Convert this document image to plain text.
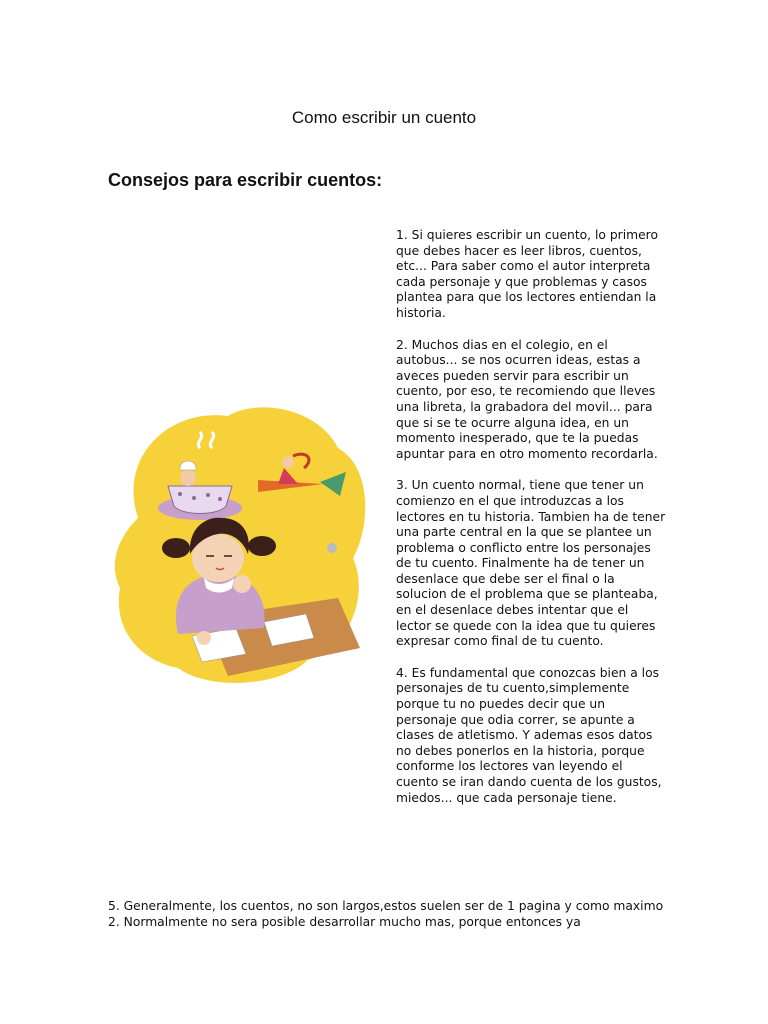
Como escribir un cuento
Consejos para escribir cuentos:

1. Si quieres escribir un cuento, lo primero que debes hacer es leer libros, cuentos, etc... Para saber como el autor interpreta cada personaje y que problemas y casos plantea para que los lectores entiendan la historia.

2. Muchos dias en el colegio, en el autobus... se nos ocurren ideas, estas a aveces pueden servir para escribir un cuento, por eso, te recomiendo que lleves una libreta, la grabadora del movil... para que si se te ocurre alguna idea, en un momento inesperado, que te la puedas apuntar para en otro momento recordarla.

3. Un cuento normal, tiene que tener un comienzo en el que introduzcas a los lectores en tu historia. Tambien ha de tener una parte central en la que se plantee un problema o conflicto entre los personajes de tu cuento. Finalmente ha de tener un desenlace que debe ser el final o la solucion de el problema que se planteaba, en el desenlace debes intentar que el lector se quede con la idea que tu quieres expresar como final de tu cuento.

4. Es fundamental que conozcas bien a los personajes de tu cuento,simplemente porque tu no puedes decir que un personaje que odia correr, se apunte a clases de atletismo. Y ademas esos datos no debes ponerlos en la historia, porque conforme los lectores van leyendo el cuento se iran dando cuenta de los gustos, miedos... que cada personaje tiene.

5. Generalmente, los cuentos, no son largos,estos suelen ser de 1 pagina y como maximo 2. Normalmente no sera posible desarrollar mucho mas, porque entonces ya
